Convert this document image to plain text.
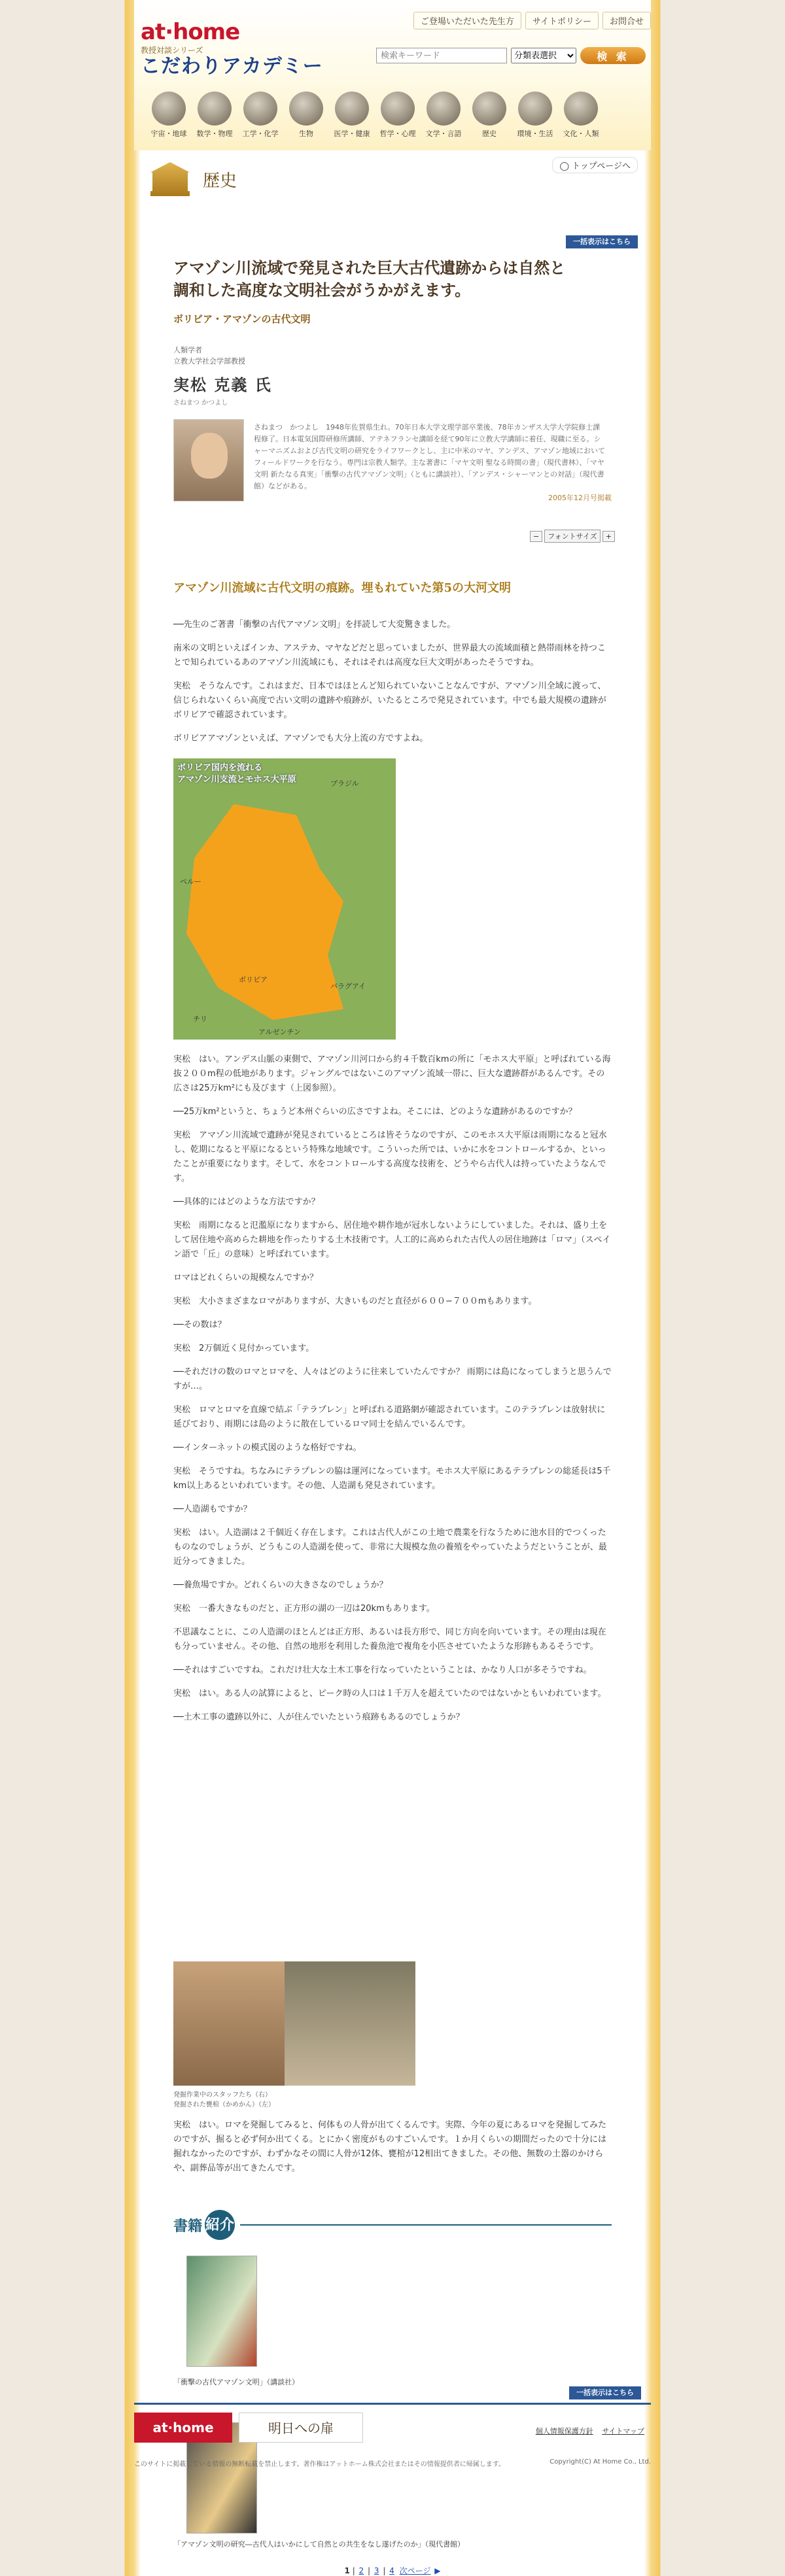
ご登場いただいた先生方	サイトポリシー	お問合せ
at·home
教授対談シリーズ
こだわりアカデミー
検索キーワード
分類表選択	検 索
宇宙・地球	数学・物理	工学・化学	生物	医学・健康	哲学・心理	文学・言語	歴史	環境・生活	文化・人類
◯ トップページへ
歴史
一括表示はこちら
アマゾン川流域で発見された巨大古代遺跡からは自然と調和した高度な文明社会がうかがえます。
ボリビア・アマゾンの古代文明
人類学者
立教大学社会学部教授
実松 克義 氏
さねまつ かつよし
さねまつ　かつよし　1948年佐賀県生れ。70年日本大学文理学部卒業後、78年カンザス大学大学院修士課程修了。日本電気国際研修所講師、アテネフランセ講師を経て90年に立教大学講師に着任、現職に至る。シャーマニズムおよび古代文明の研究をライフワークとし、主に中米のマヤ、アンデス、アマゾン地域においてフィールドワークを行なう。専門は宗教人類学。主な著書に「マヤ文明 聖なる時間の書」（現代書林）、「マヤ文明 新たなる真実」「衝撃の古代アマゾン文明」（ともに講談社）、「アンデス・シャーマンとの対話」（現代書館）などがある。
2005年12月号掲載
−	フォントサイズ	+
アマゾン川流域に古代文明の痕跡。埋もれていた第5の大河文明

──先生のご著書「衝撃の古代アマゾン文明」を拝読して大変驚きました。

南米の文明といえばインカ、アステカ、マヤなどだと思っていましたが、世界最大の流域面積と熱帯雨林を持つことで知られているあのアマゾン川流域にも、それはそれは高度な巨大文明があったそうですね。

実松　そうなんです。これはまだ、日本ではほとんど知られていないことなんですが、アマゾン川全域に渡って、信じられないくらい高度で古い文明の遺跡や痕跡が、いたるところで発見されています。中でも最大規模の遺跡がボリビアで確認されています。

ボリビアアマゾンといえば、アマゾンでも大分上流の方ですよね。

ボリビア国内を流れる
アマゾン川支流とモホス大平原	ブラジル
ボリビア
ペルー
パラグアイ
チリ
アルゼンチン

実松　はい。アンデス山脈の東側で、アマゾン川河口から約４千数百kmの所に「モホス大平原」と呼ばれている海抜２００m程の低地があります。ジャングルではないこのアマゾン流域一帯に、巨大な遺跡群があるんです。その広さは25万km²にも及びます（上図参照）。

──25万km²というと、ちょうど本州ぐらいの広さですよね。そこには、どのような遺跡があるのですか？

実松　アマゾン川流域で遺跡が発見されているところは皆そうなのですが、このモホス大平原は雨期になると冠水し、乾期になると平原になるという特殊な地域です。こういった所では、いかに水をコントロールするか、といったことが重要になります。そして、水をコントロールする高度な技術を、どうやら古代人は持っていたようなんです。

──具体的にはどのような方法ですか？

実松　雨期になると氾濫原になりますから、居住地や耕作地が冠水しないようにしていました。それは、盛り土をして居住地や高めらた耕地を作ったりする土木技術です。人工的に高められた古代人の居住地跡は「ロマ」（スペイン語で「丘」の意味）と呼ばれています。

ロマはどれくらいの規模なんですか？

実松　大小さまざまなロマがありますが、大きいものだと直径が６００−７００mもあります。

──その数は？

実松　2万個近く見付かっています。

──それだけの数のロマとロマを、人々はどのように往来していたんですか？ 雨期には島になってしまうと思うんですが…。

実松　ロマとロマを直線で結ぶ「テラプレン」と呼ばれる道路網が確認されています。このテラプレンは放射状に延びており、雨期には島のように散在しているロマ同士を結んでいるんです。

──インターネットの模式図のような格好ですね。

実松　そうですね。ちなみにテラプレンの脇は運河になっています。モホス大平原にあるテラプレンの総延長は5千km以上あるといわれています。その他、人造湖も発見されています。

──人造湖もですか？

実松　はい。人造湖は２千個近く存在します。これは古代人がこの土地で農業を行なうために池水目的でつくったものなのでしょうが、どうもこの人造湖を使って、非常に大規模な魚の養殖をやっていたようだということが、最近分ってきました。

──養魚場ですか。どれくらいの大きさなのでしょうか？

実松　一番大きなものだと、正方形の湖の一辺は20kmもあります。

不思議なことに、この人造湖のほとんどは正方形、あるいは長方形で、同じ方向を向いています。その理由は現在も分っていません。その他、自然の地形を利用した養魚池で複角を小匹させていたような形跡もあるそうです。

──それはすごいですね。これだけ壮大な土木工事を行なっていたということは、かなり人口が多そうですね。

実松　はい。ある人の試算によると、ピーク時の人口は１千万人を超えていたのではないかともいわれています。

──土木工事の遺跡以外に、人が住んでいたという痕跡もあるのでしょうか？

発掘作業中のスタッフたち（右）
発掘された甕棺（かめかん）（左）

実松　はい。ロマを発掘してみると、何体もの人骨が出てくるんです。実際、今年の夏にあるロマを発掘してみたのですが、掘ると必ず何か出てくる。とにかく密度がものすごいんです。１か月くらいの期間だったので十分には掘れなかったのですが、わずかなその間に人骨が12体、甕棺が12相出てきました。その他、無数の土器のかけらや、副葬品等が出てきたんです。

書籍 紹介
「衝撃の古代アマゾン文明」（講談社）
「アマゾン文明の研究―古代人はいかにして自然との共生をなし遂げたのか」（現代書館）
1 | 2 | 3 | 4 次ページ ▶
一括表示はこちら
at·home	明日への扉	個人情報保護方針 サイトマップ
このサイトに掲載している情報の無断転載を禁止します。著作権はアットホーム株式会社またはその情報提供者に帰属します。	Copyright(C) At Home Co., Ltd.
